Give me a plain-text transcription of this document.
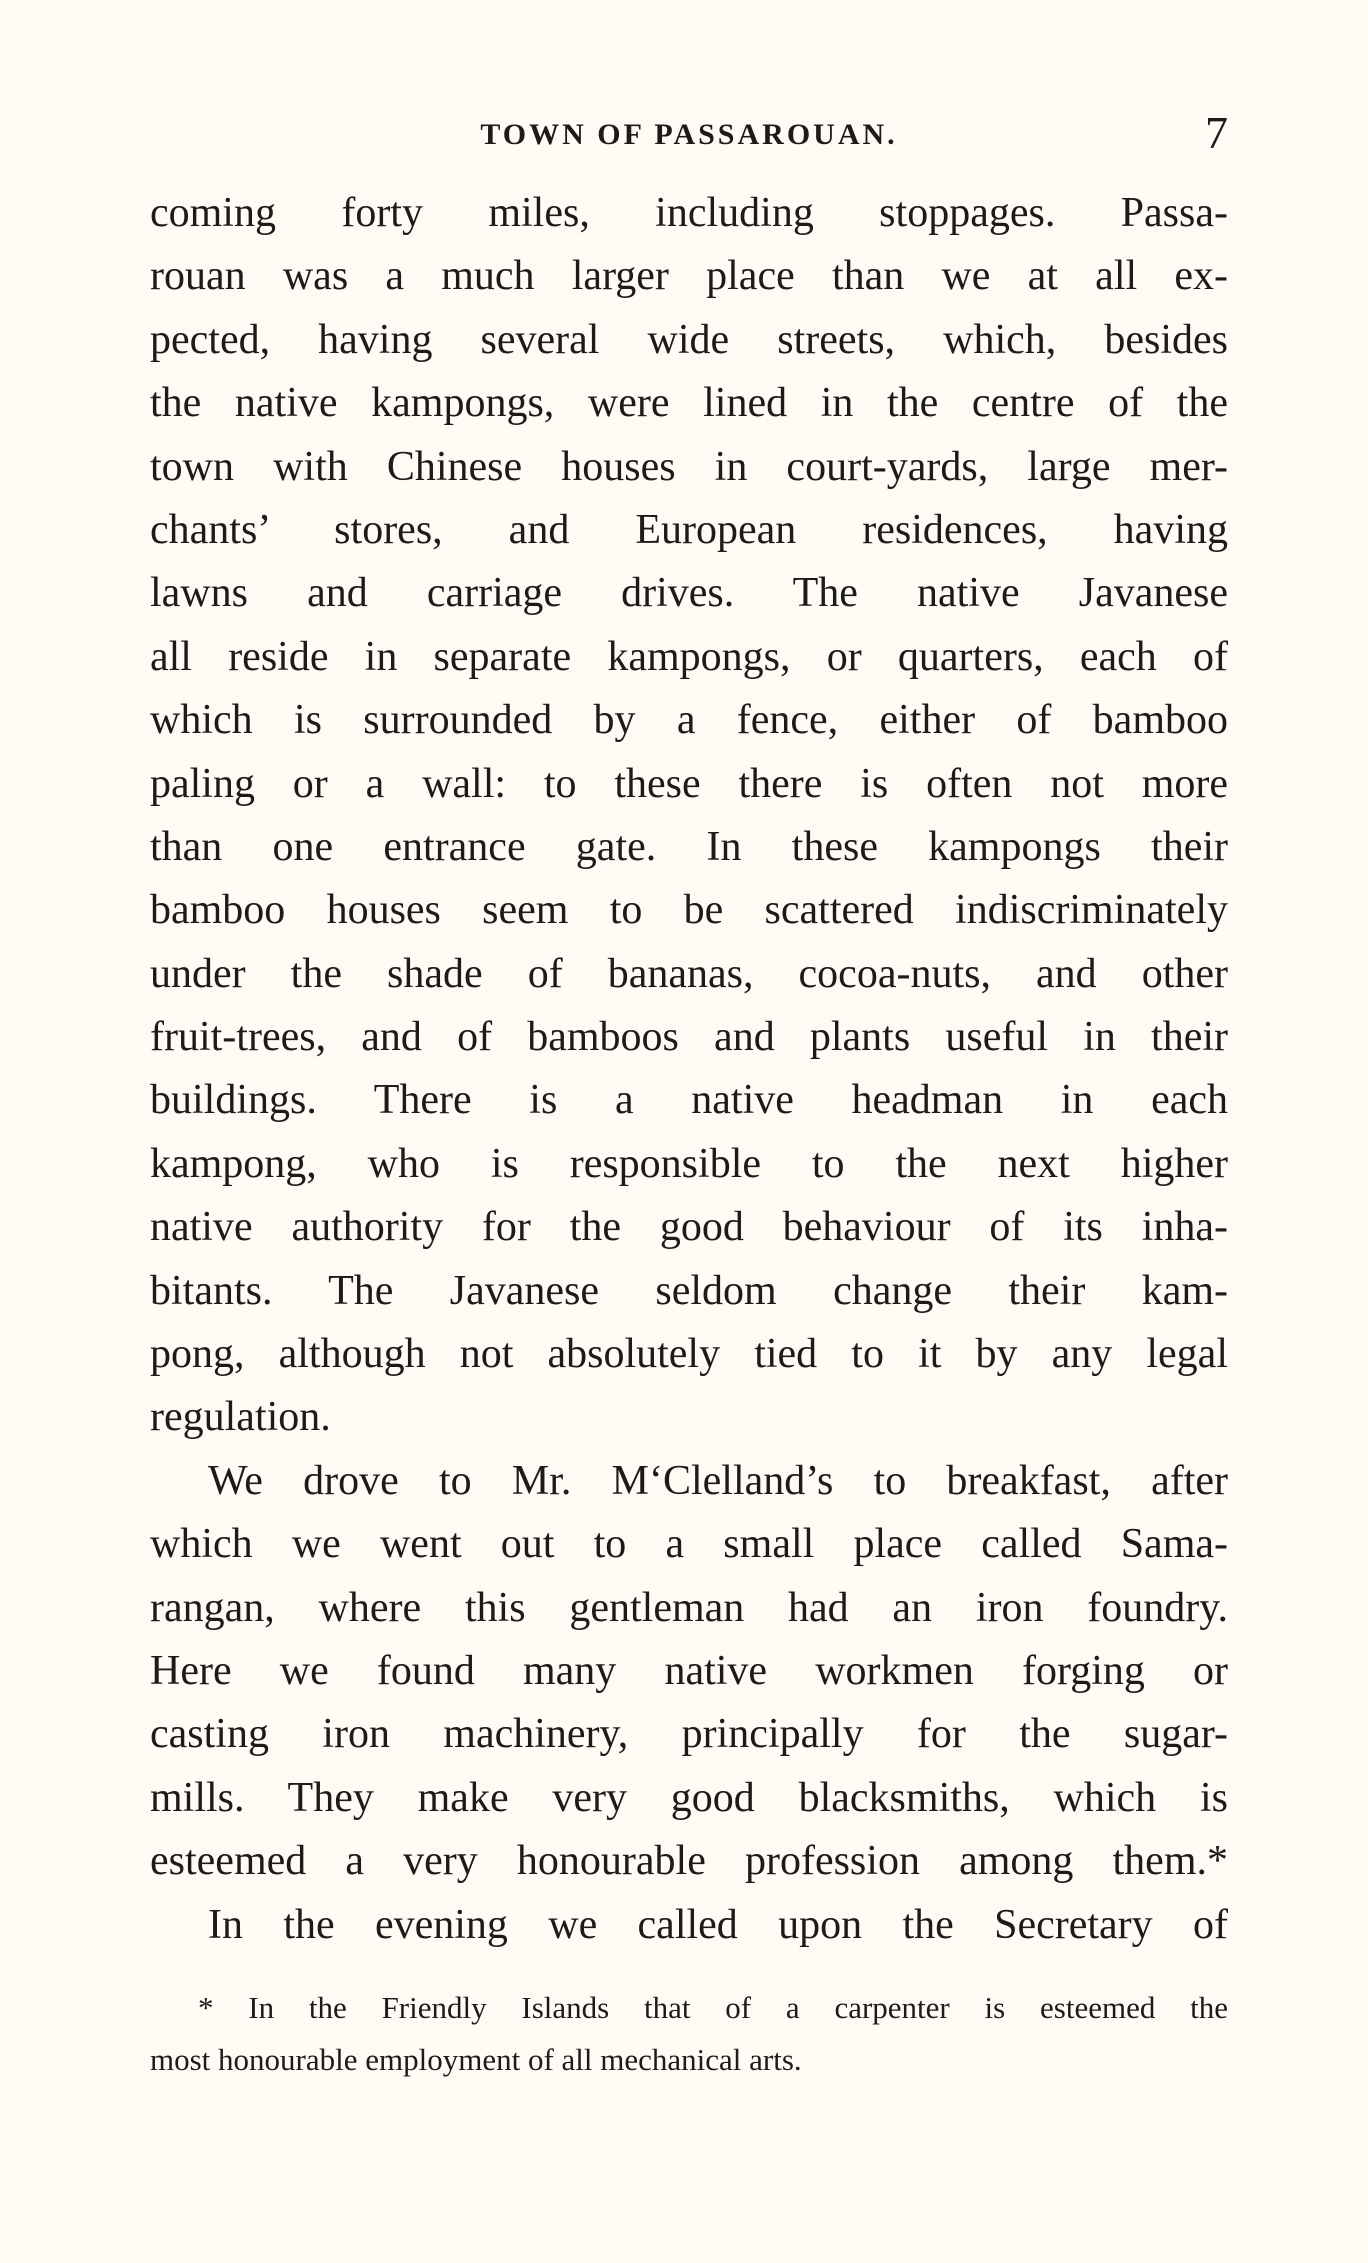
TOWN OF PASSAROUAN.	7
coming forty miles, including stoppages. Passa-
rouan was a much larger place than we at all ex-
pected, having several wide streets, which, besides
the native kampongs, were lined in the centre of the
town with Chinese houses in court-yards, large mer-
chants’ stores, and European residences, having
lawns and carriage drives. The native Javanese
all reside in separate kampongs, or quarters, each of
which is surrounded by a fence, either of bamboo
paling or a wall: to these there is often not more
than one entrance gate. In these kampongs their
bamboo houses seem to be scattered indiscriminately
under the shade of bananas, cocoa-nuts, and other
fruit-trees, and of bamboos and plants useful in their
buildings. There is a native headman in each
kampong, who is responsible to the next higher
native authority for the good behaviour of its inha-
bitants. The Javanese seldom change their kam-
pong, although not absolutely tied to it by any legal
regulation.
We drove to Mr. M‘Clelland’s to breakfast, after
which we went out to a small place called Sama-
rangan, where this gentleman had an iron foundry.
Here we found many native workmen forging or
casting iron machinery, principally for the sugar-
mills. They make very good blacksmiths, which is
esteemed a very honourable profession among them.*
In the evening we called upon the Secretary of
* In the Friendly Islands that of a carpenter is esteemed the
most honourable employment of all mechanical arts.
